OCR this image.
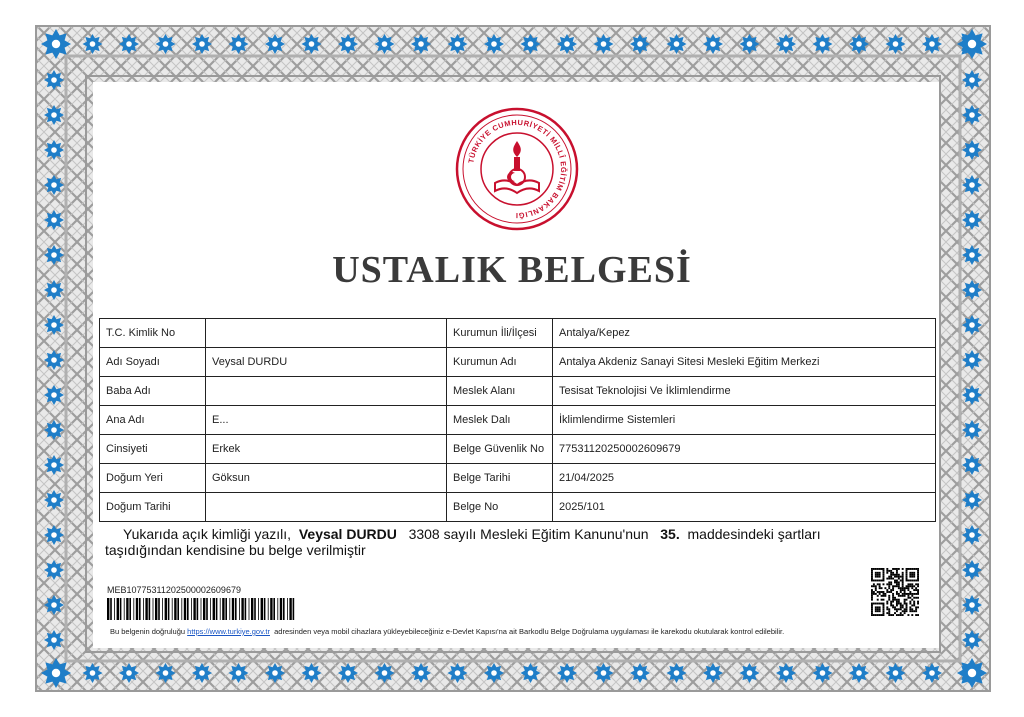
TÜRKİYE CUMHURİYETİ MİLLÎ EĞİTİM BAKANLIĞI
USTALIK BELGESİ
T.C. Kimlik No		Kurumun İli/İlçesi	Antalya/Kepez
Adı Soyadı	Veysal DURDU	Kurumun Adı	Antalya Akdeniz Sanayi Sitesi Mesleki Eğitim Merkezi
Baba Adı		Meslek Alanı	Tesisat Teknolojisi Ve İklimlendirme
Ana Adı	E...	Meslek Dalı	İklimlendirme Sistemleri
Cinsiyeti	Erkek	Belge Güvenlik No	77531120250002609679
Doğum Yeri	Göksun	Belge Tarihi	21/04/2025
Doğum Tarihi		Belge No	2025/101
Yukarıda açık kimliği yazılı, Veysal DURDU 3308 sayılı Mesleki Eğitim Kanunu'nun 35. maddesindeki şartları
taşıdığından kendisine bu belge verilmiştir
MEB10775311202500002609679
Bu belgenin doğruluğu https://www.turkiye.gov.tr adresinden veya mobil cihazlara yükleyebileceğiniz e-Devlet Kapısı'na ait Barkodlu Belge Doğrulama uygulaması ile karekodu okutularak kontrol edilebilir.
